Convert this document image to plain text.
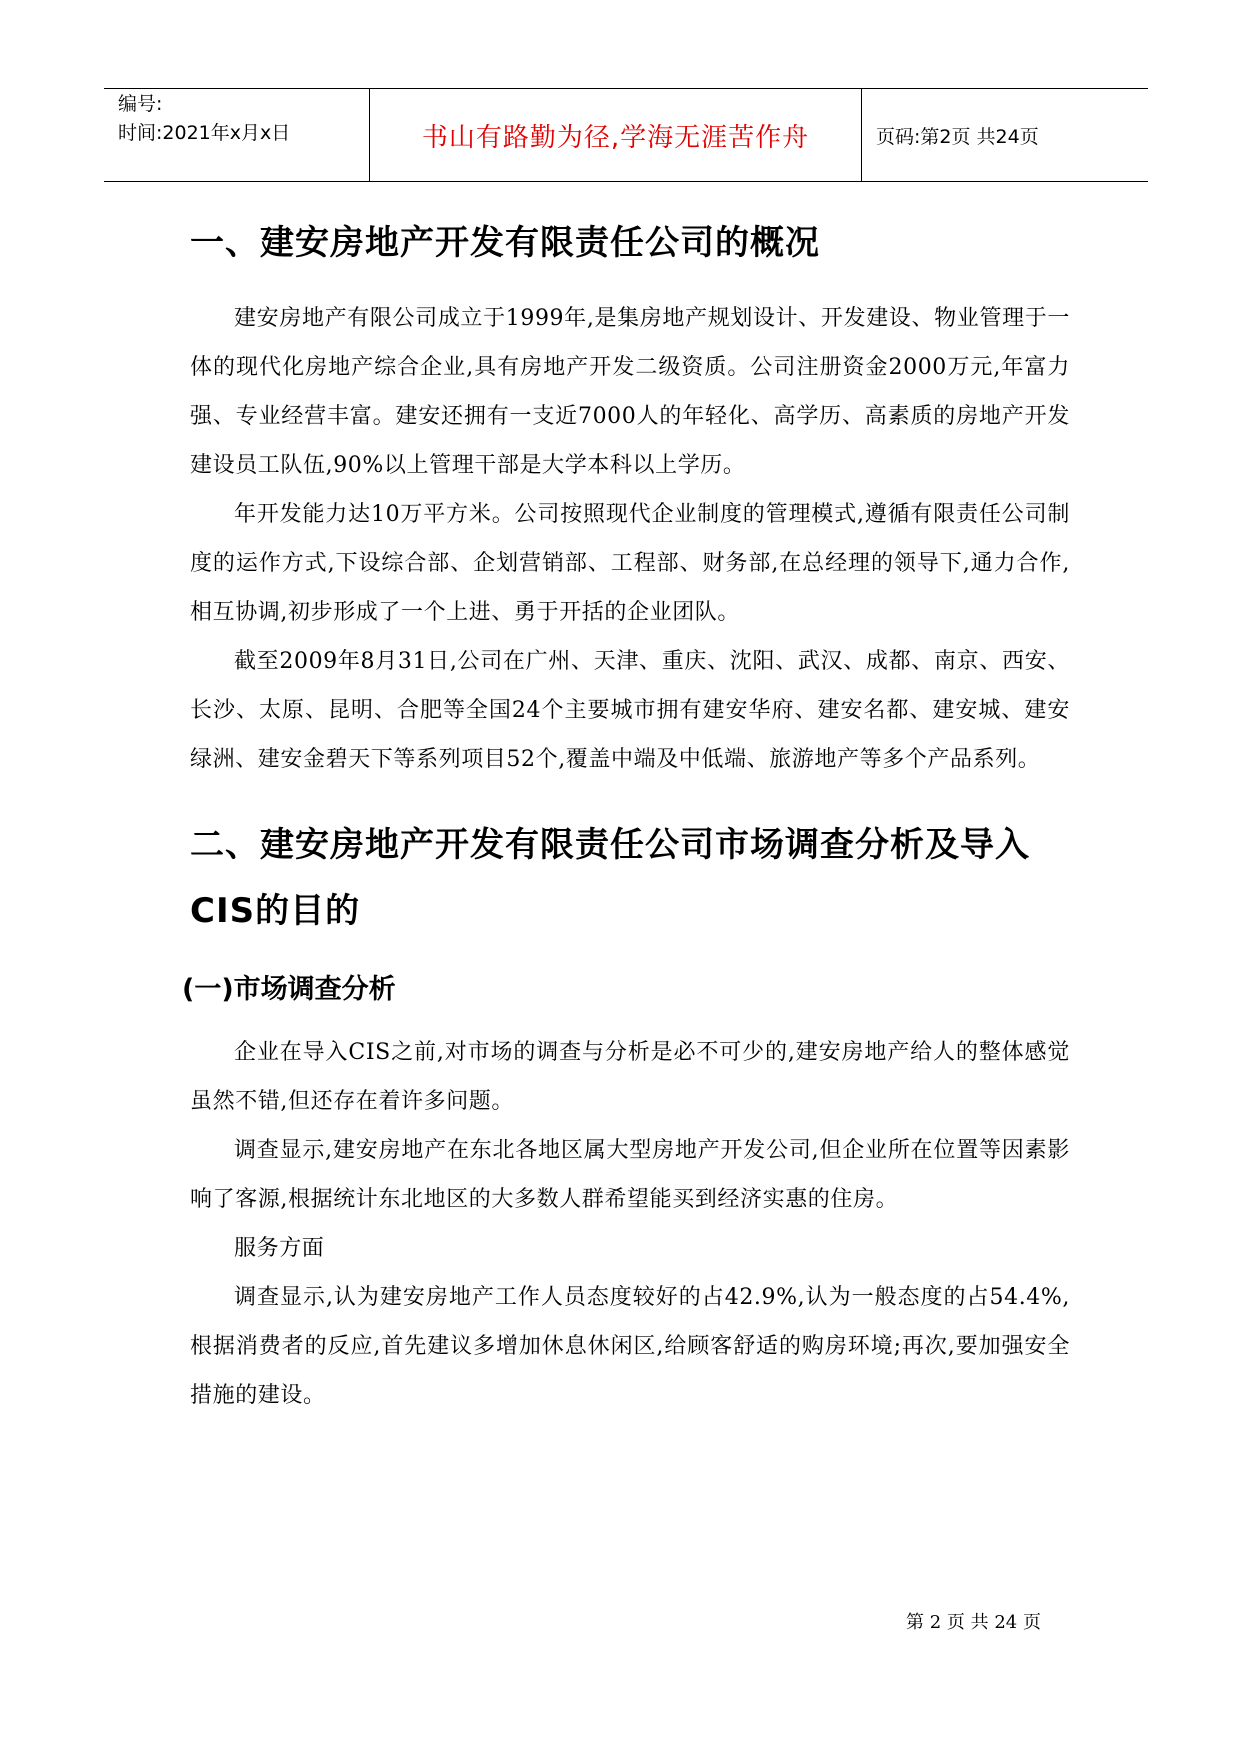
编号:
时间:2021年x月x日	书山有路勤为径,学海无涯苦作舟	页码:第2页 共24页
一、建安房地产开发有限责任公司的概况

建安房地产有限公司成立于1999年,是集房地产规划设计、开发建设、物业管理于一体的现代化房地产综合企业,具有房地产开发二级资质。公司注册资金2000万元,年富力强、专业经营丰富。建安还拥有一支近7000人的年轻化、高学历、高素质的房地产开发建设员工队伍,90%以上管理干部是大学本科以上学历。

年开发能力达10万平方米。公司按照现代企业制度的管理模式,遵循有限责任公司制度的运作方式,下设综合部、企划营销部、工程部、财务部,在总经理的领导下,通力合作,相互协调,初步形成了一个上进、勇于开括的企业团队。

截至2009年8月31日,公司在广州、天津、重庆、沈阳、武汉、成都、南京、西安、长沙、太原、昆明、合肥等全国24个主要城市拥有建安华府、建安名都、建安城、建安绿洲、建安金碧天下等系列项目52个,覆盖中端及中低端、旅游地产等多个产品系列。

二、建安房地产开发有限责任公司市场调查分析及导入CIS的目的
(一)市场调查分析

企业在导入CIS之前,对市场的调查与分析是必不可少的,建安房地产给人的整体感觉虽然不错,但还存在着许多问题。

调查显示,建安房地产在东北各地区属大型房地产开发公司,但企业所在位置等因素影响了客源,根据统计东北地区的大多数人群希望能买到经济实惠的住房。

服务方面

调查显示,认为建安房地产工作人员态度较好的占42.9%,认为一般态度的占54.4%,根据消费者的反应,首先建议多增加休息休闲区,给顾客舒适的购房环境;再次,要加强安全措施的建设。

第 2 页 共 24 页
